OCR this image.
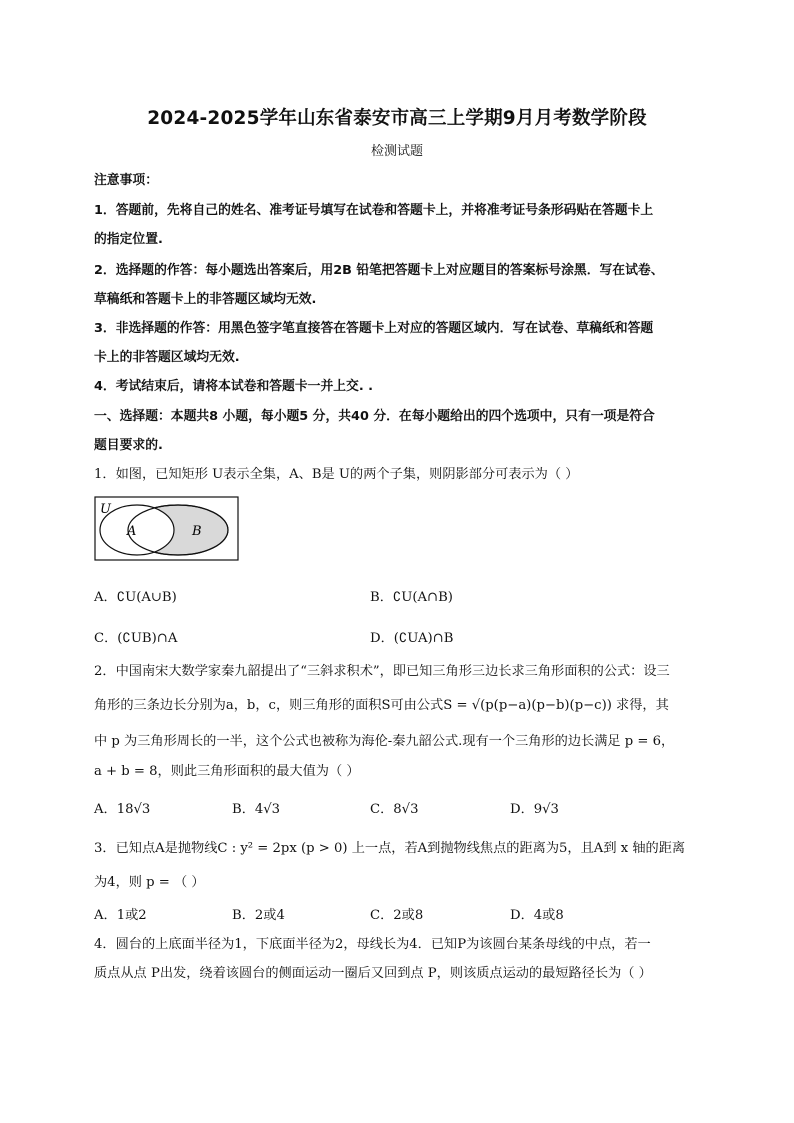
2024-2025学年山东省泰安市高三上学期9月月考数学阶段
检测试题
注意事项：
1．答题前，先将自己的姓名、准考证号填写在试卷和答题卡上，并将准考证号条形码贴在答题卡上
的指定位置.
2．选择题的作答：每小题选出答案后，用2B 铅笔把答题卡上对应题目的答案标号涂黑．写在试卷、
草稿纸和答题卡上的非答题区域均无效.
3．非选择题的作答：用黑色签字笔直接答在答题卡上对应的答题区域内．写在试卷、草稿纸和答题
卡上的非答题区域均无效.
4．考试结束后，请将本试卷和答题卡一并上交. .
一、选择题：本题共8 小题，每小题5 分，共40 分．在每小题给出的四个选项中，只有一项是符合
题目要求的.
1．如图，已知矩形 U表示全集，A、B是 U的两个子集，则阴影部分可表示为（ ）
U
A	B
A．∁U(A∪B)	B．∁U(A∩B)
C．(∁UB)∩A	D．(∁UA)∩B
2．中国南宋大数学家秦九韶提出了“三斜求积术”，即已知三角形三边长求三角形面积的公式：设三
角形的三条边长分别为a，b，c，则三角形的面积S可由公式S = √(p(p−a)(p−b)(p−c)) 求得，其
中 p 为三角形周长的一半，这个公式也被称为海伦-秦九韶公式.现有一个三角形的边长满足 p = 6，
a + b = 8，则此三角形面积的最大值为（ ）
A．18√3	B．4√3	C．8√3	D．9√3
3．已知点A是抛物线C : y² = 2px (p > 0) 上一点，若A到抛物线焦点的距离为5，且A到 x 轴的距离
为4，则 p = （ ）
A．1或2	B．2或4	C．2或8	D．4或8
4．圆台的上底面半径为1，下底面半径为2，母线长为4．已知P为该圆台某条母线的中点，若一
质点从点 P出发，绕着该圆台的侧面运动一圈后又回到点 P，则该质点运动的最短路径长为（ ）
